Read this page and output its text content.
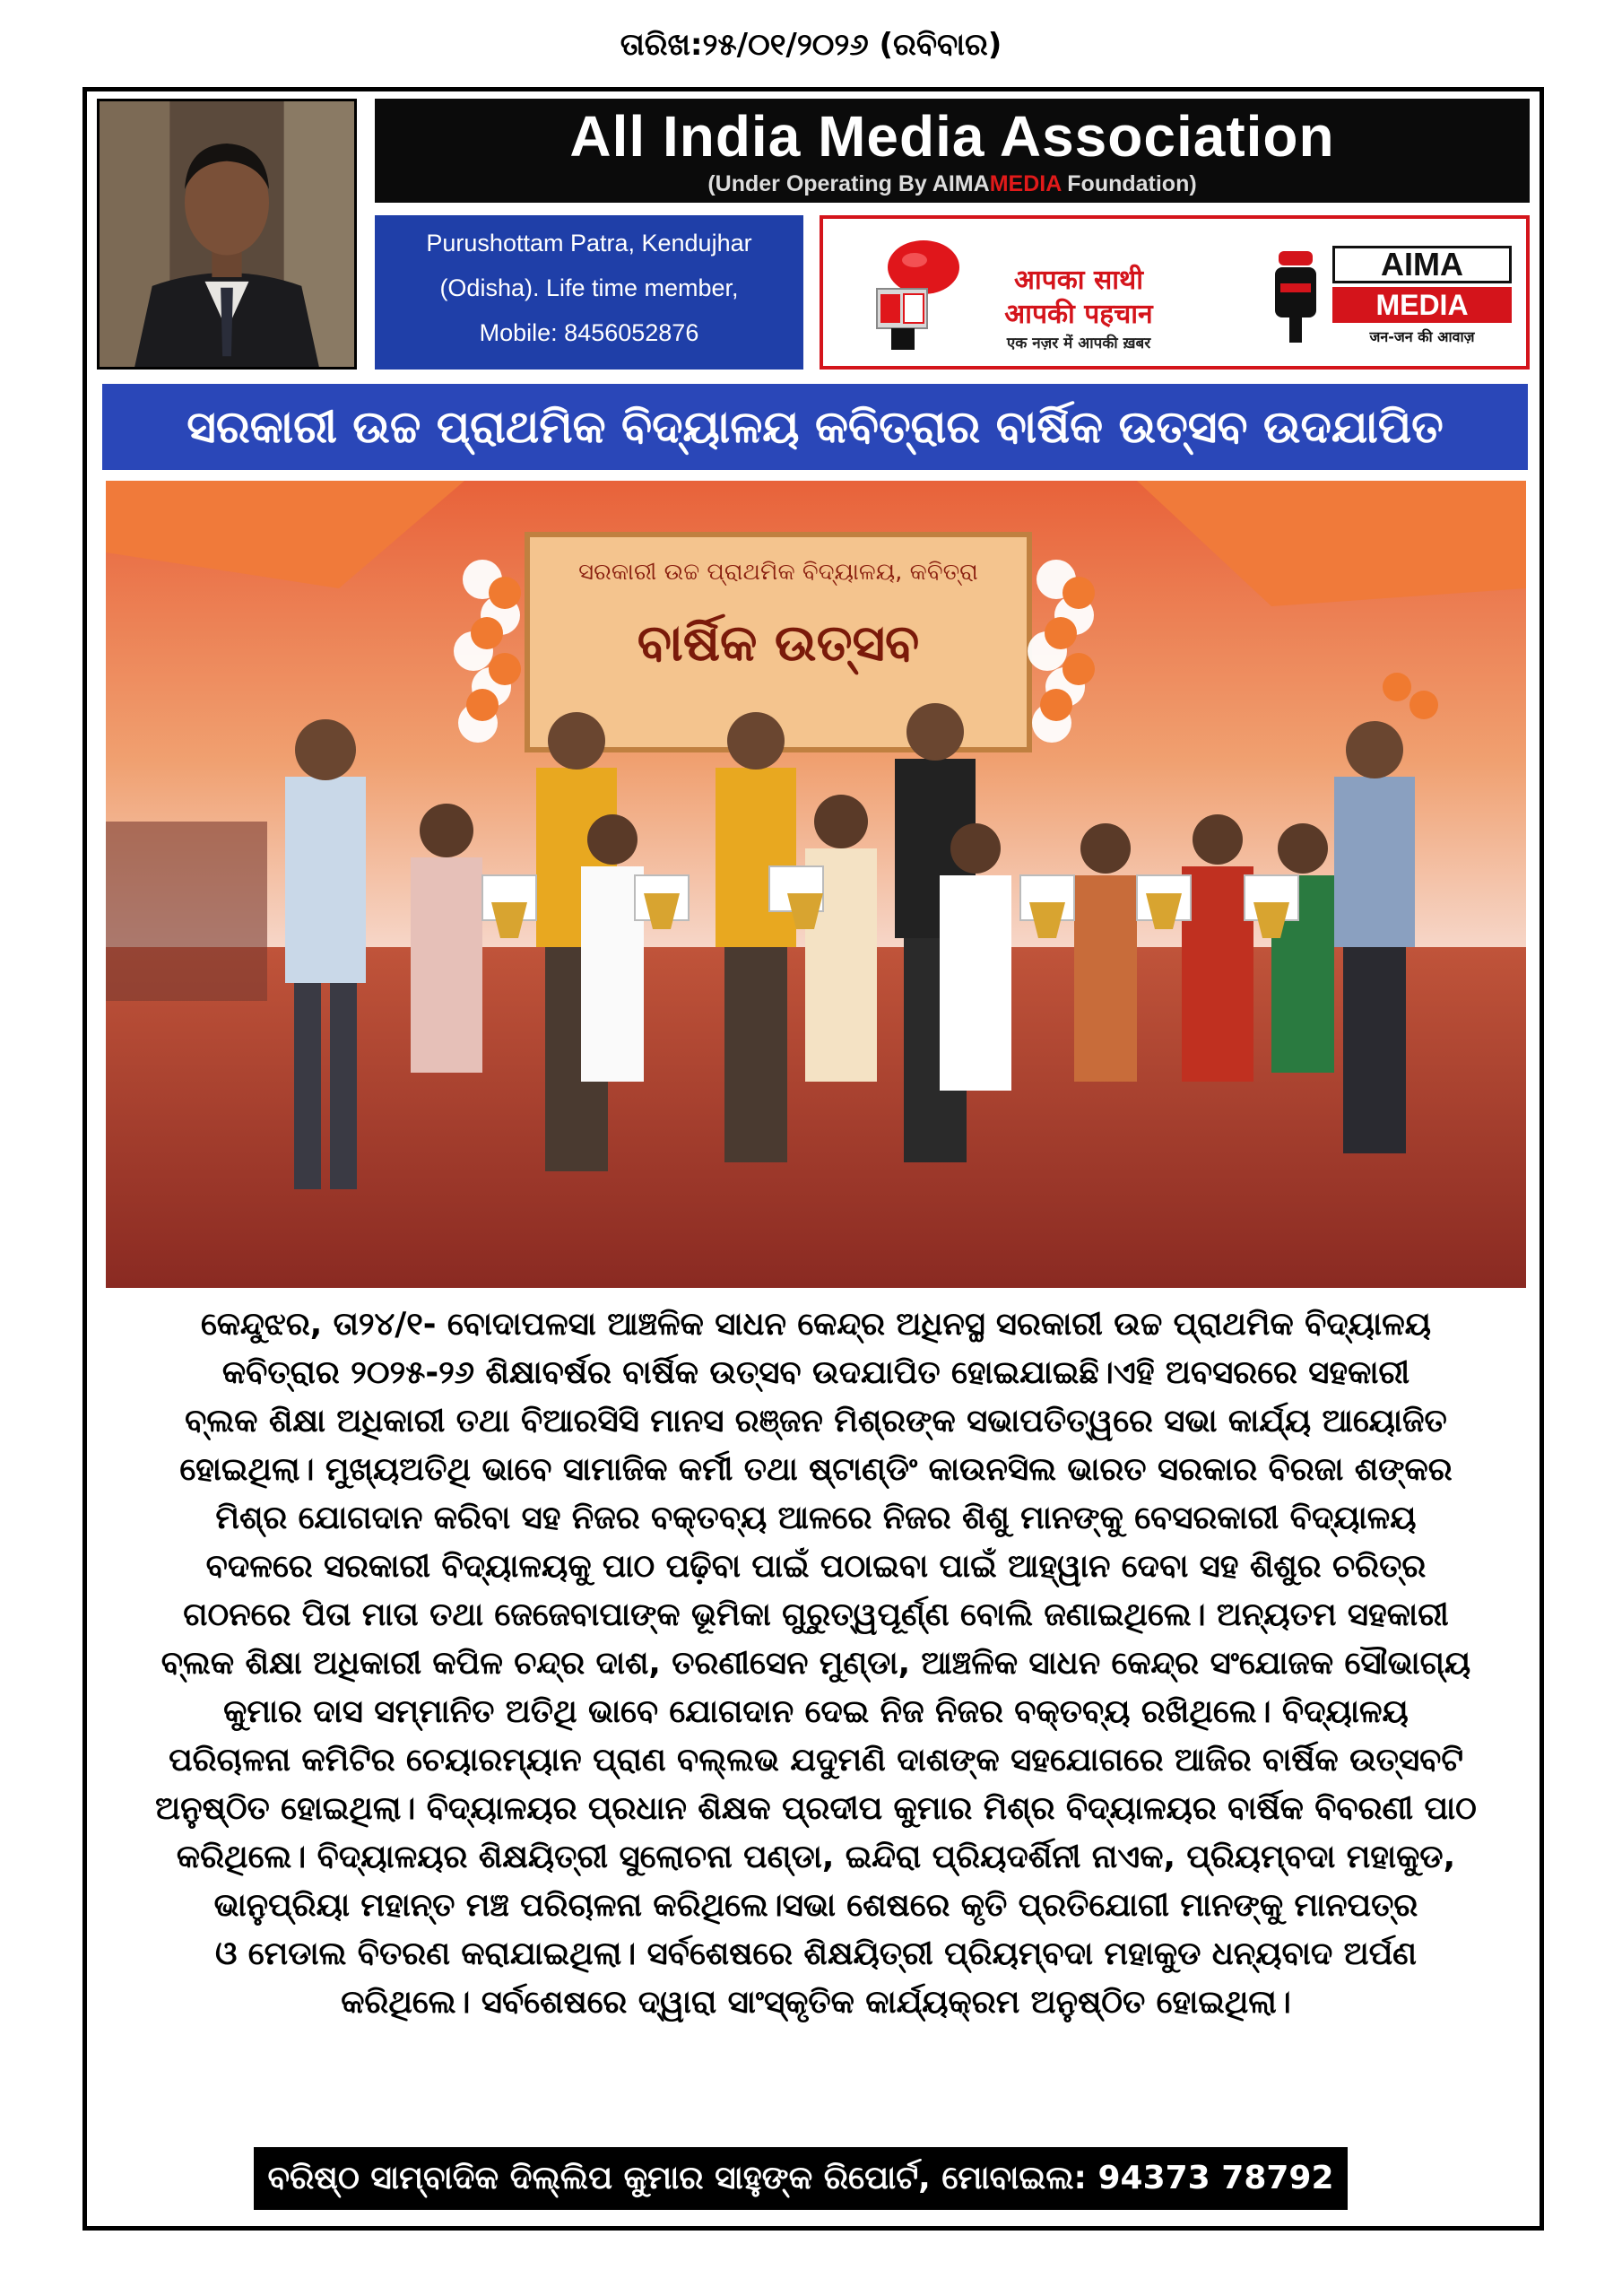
ତାରିଖ:୨୫/୦୧/୨୦୨୬ (ରବିବାର)
All India Media Association
(Under Operating By AIMAMEDIA Foundation)
Purushottam Patra, Kendujhar
(Odisha). Life time member,
Mobile: 8456052876
आपका साथी
आपकी पहचान
एक नज़र में आपकी ख़बर
AIMA
MEDIA
जन-जन की आवाज़
ସରକାରୀ ଉଚ୍ଚ ପ୍ରାଥମିକ ବିଦ୍ୟାଳୟ କବିତ୍ରାର ବାର୍ଷିକ ଉତ୍ସବ ଉଦଯାପିତ
ସରକାରୀ ଉଚ୍ଚ ପ୍ରାଥମିକ ବିଦ୍ୟାଳୟ, କବିତ୍ରା
ବାର୍ଷିକ ଉତ୍ସବ

କେନ୍ଦୁଝର, ତା୨୪/୧- ବୋଦାପଳସା ଆଞ୍ଚଳିକ ସାଧନ କେନ୍ଦ୍ର ଅଧିନସ୍ଥ ସରକାରୀ ଉଚ୍ଚ ପ୍ରାଥମିକ ବିଦ୍ୟାଳୟ

କବିତ୍ରାର ୨୦୨୫-୨୬ ଶିକ୍ଷାବର୍ଷର ବାର୍ଷିକ ଉତ୍ସବ ଉଦଯାପିତ ହୋଇଯାଇଛି।ଏହି ଅବସରରେ ସହକାରୀ

ବ୍ଲକ ଶିକ୍ଷା ଅଧିକାରୀ ତଥା ବିଆରସିସି ମାନସ ରଞ୍ଜନ ମିଶ୍ରଙ୍କ ସଭାପତିତ୍ୱରେ ସଭା କାର୍ଯ୍ୟ ଆୟୋଜିତ

ହୋଇଥିଲା। ମୁଖ୍ୟଅତିଥି ଭାବେ ସାମାଜିକ କର୍ମୀ ତଥା ଷ୍ଟାଣ୍ଡିଂ କାଉନସିଲ ଭାରତ ସରକାର ବିରଜା ଶଙ୍କର

ମିଶ୍ର ଯୋଗଦାନ କରିବା ସହ ନିଜର ବକ୍ତବ୍ୟ ଆଳରେ ନିଜର ଶିଶୁ ମାନଙ୍କୁ ବେସରକାରୀ ବିଦ୍ୟାଳୟ

ବଦଳରେ ସରକାରୀ ବିଦ୍ୟାଳୟକୁ ପାଠ ପଢ଼ିବା ପାଇଁ ପଠାଇବା ପାଇଁ ଆହ୍ୱାନ ଦେବା ସହ ଶିଶୁର ଚରିତ୍ର

ଗଠନରେ ପିତା ମାତା ତଥା ଜେଜେବାପାଙ୍କ ଭୂମିକା ଗୁରୁତ୍ୱପୂର୍ଣ୍ଣ ବୋଲି ଜଣାଇଥିଲେ। ଅନ୍ୟତମ ସହକାରୀ

ବ୍ଲକ ଶିକ୍ଷା ଅଧିକାରୀ କପିଳ ଚନ୍ଦ୍ର ଦାଶ, ତରଣୀସେନ ମୁଣ୍ଡା, ଆଞ୍ଚଳିକ ସାଧନ କେନ୍ଦ୍ର ସଂଯୋଜକ ସୌଭାଗ୍ୟ

କୁମାର ଦାସ ସମ୍ମାନିତ ଅତିଥି ଭାବେ ଯୋଗଦାନ ଦେଇ ନିଜ ନିଜର ବକ୍ତବ୍ୟ ରଖିଥିଲେ। ବିଦ୍ୟାଳୟ

ପରିଚାଳନା କମିଟିର ଚେୟାରମ୍ୟାନ ପ୍ରାଣ ବଲ୍ଲଭ ଯଦୁମଣି ଦାଶଙ୍କ ସହଯୋଗରେ ଆଜିର ବାର୍ଷିକ ଉତ୍ସବଟି

ଅନୁଷ୍ଠିତ ହୋଇଥିଲା। ବିଦ୍ୟାଳୟର ପ୍ରଧାନ ଶିକ୍ଷକ ପ୍ରଦୀପ କୁମାର ମିଶ୍ର ବିଦ୍ୟାଳୟର ବାର୍ଷିକ ବିବରଣୀ ପାଠ

କରିଥିଲେ। ବିଦ୍ୟାଳୟର ଶିକ୍ଷୟିତ୍ରୀ ସୁଲୋଚନା ପଣ୍ଡା, ଇନ୍ଦିରା ପ୍ରିୟଦର୍ଶିନୀ ନାଏକ, ପ୍ରିୟମ୍ବଦା ମହାକୁଡ,

ଭାନୁପ୍ରିୟା ମହାନ୍ତ ମଞ୍ଚ ପରିଚାଳନା କରିଥିଲେ।ସଭା ଶେଷରେ କୃତି ପ୍ରତିଯୋଗୀ ମାନଙ୍କୁ ମାନପତ୍ର

ଓ ମେଡାଲ ବିତରଣ କରାଯାଇଥିଲା। ସର୍ବଶେଷରେ ଶିକ୍ଷୟିତ୍ରୀ ପ୍ରିୟମ୍ବଦା ମହାକୁଡ ଧନ୍ୟବାଦ ଅର୍ପଣ

କରିଥିଲେ। ସର୍ବଶେଷରେ ଦ୍ୱାରା ସାଂସ୍କୃତିକ କାର୍ଯ୍ୟକ୍ରମ ଅନୁଷ୍ଠିତ ହୋଇଥିଲା।

ବରିଷ୍ଠ ସାମ୍ବାଦିକ ଦିଲ୍ଲିପ କୁମାର ସାହୁଙ୍କ ରିପୋର୍ଟ, ମୋବାଇଲ: 94373 78792
